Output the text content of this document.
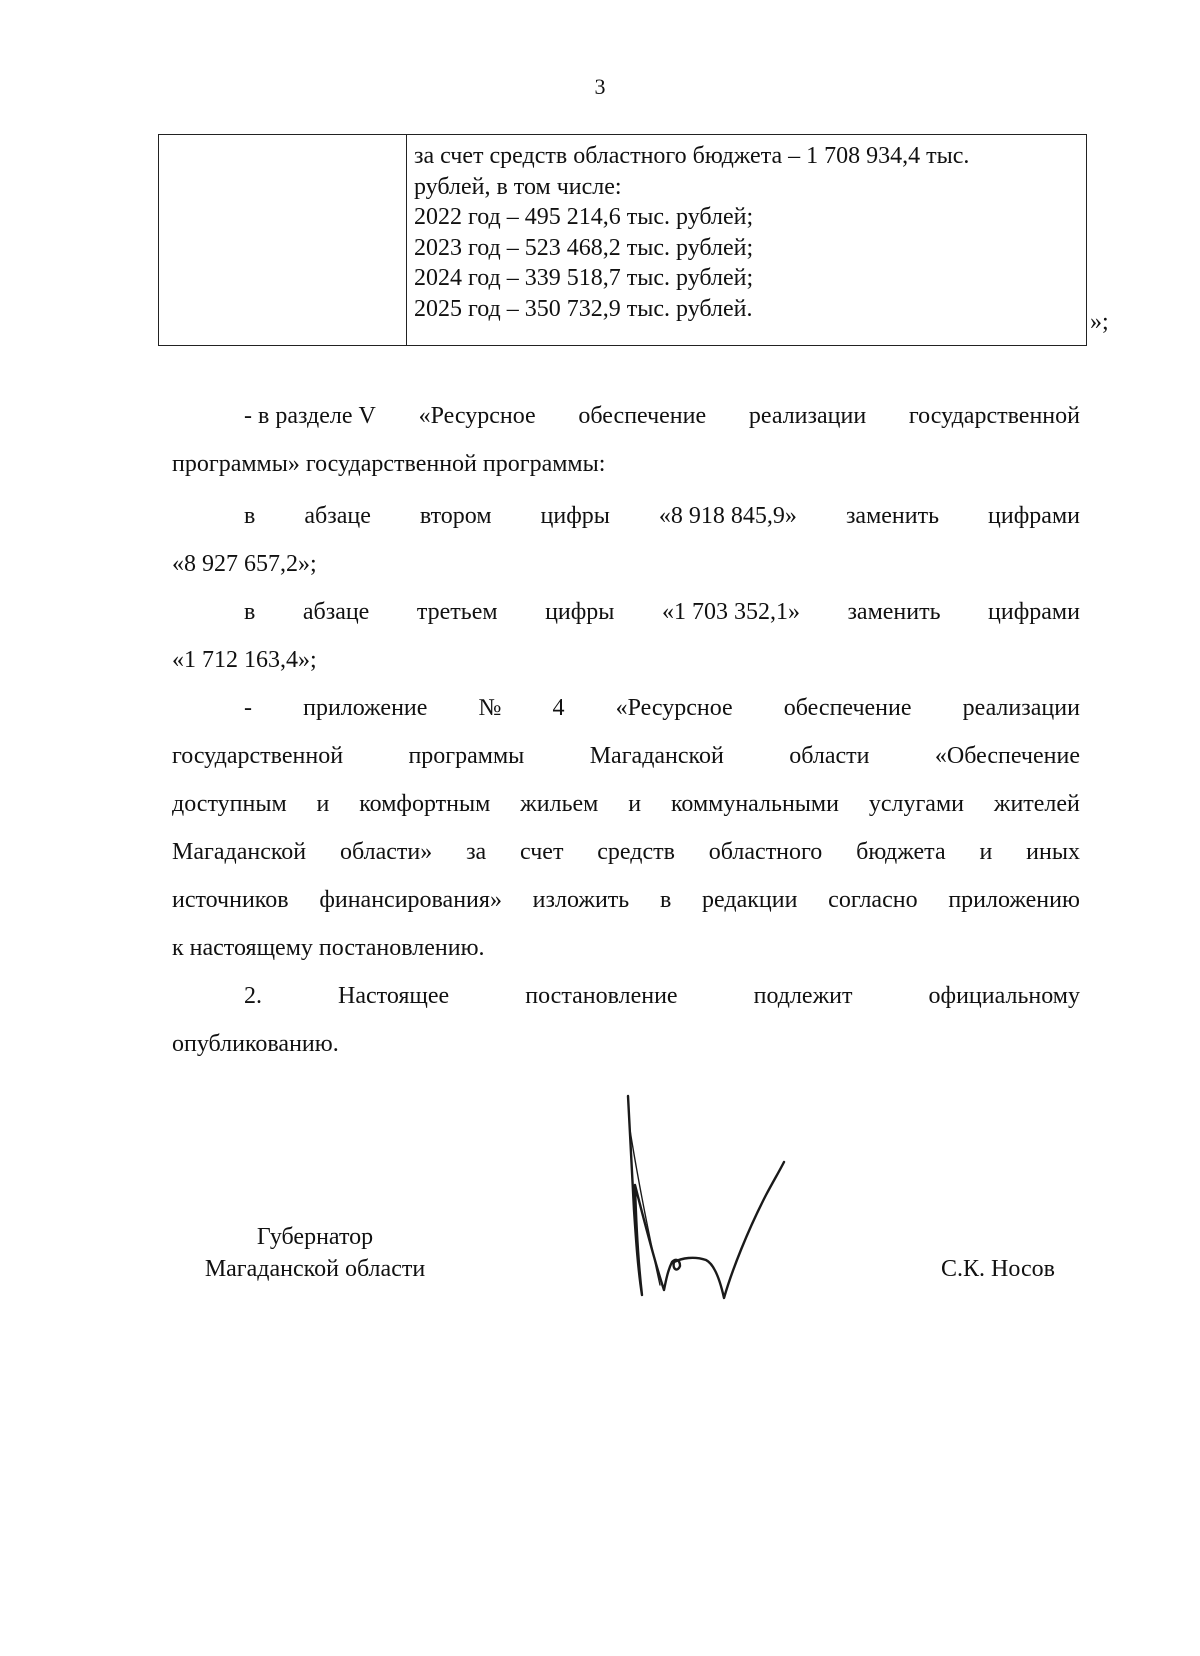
3
за счет средств областного бюджета – 1 708 934,4 тыс.
рублей, в том числе:
2022 год – 495 214,6 тыс. рублей;
2023 год – 523 468,2 тыс. рублей;
2024 год – 339 518,7 тыс. рублей;
2025 год – 350 732,9 тыс. рублей.
»;
- в разделе V «Ресурсное обеспечение реализации государственной
программы» государственной программы:
в абзаце втором цифры «8 918 845,9» заменить цифрами
«8 927 657,2»;
в абзаце третьем цифры «1 703 352,1» заменить цифрами
«1 712 163,4»;
- приложение № 4 «Ресурсное обеспечение реализации
государственной	программы	Магаданской	области	«Обеспечение
доступным и комфортным жильем и коммунальными услугами жителей
Магаданской области» за счет средств областного бюджета и иных
источников финансирования» изложить в редакции согласно приложению
к настоящему постановлению.
2.	Настоящее	постановление	подлежит	официальному
опубликованию.
Губернатор
Магаданской области	С.К. Носов
